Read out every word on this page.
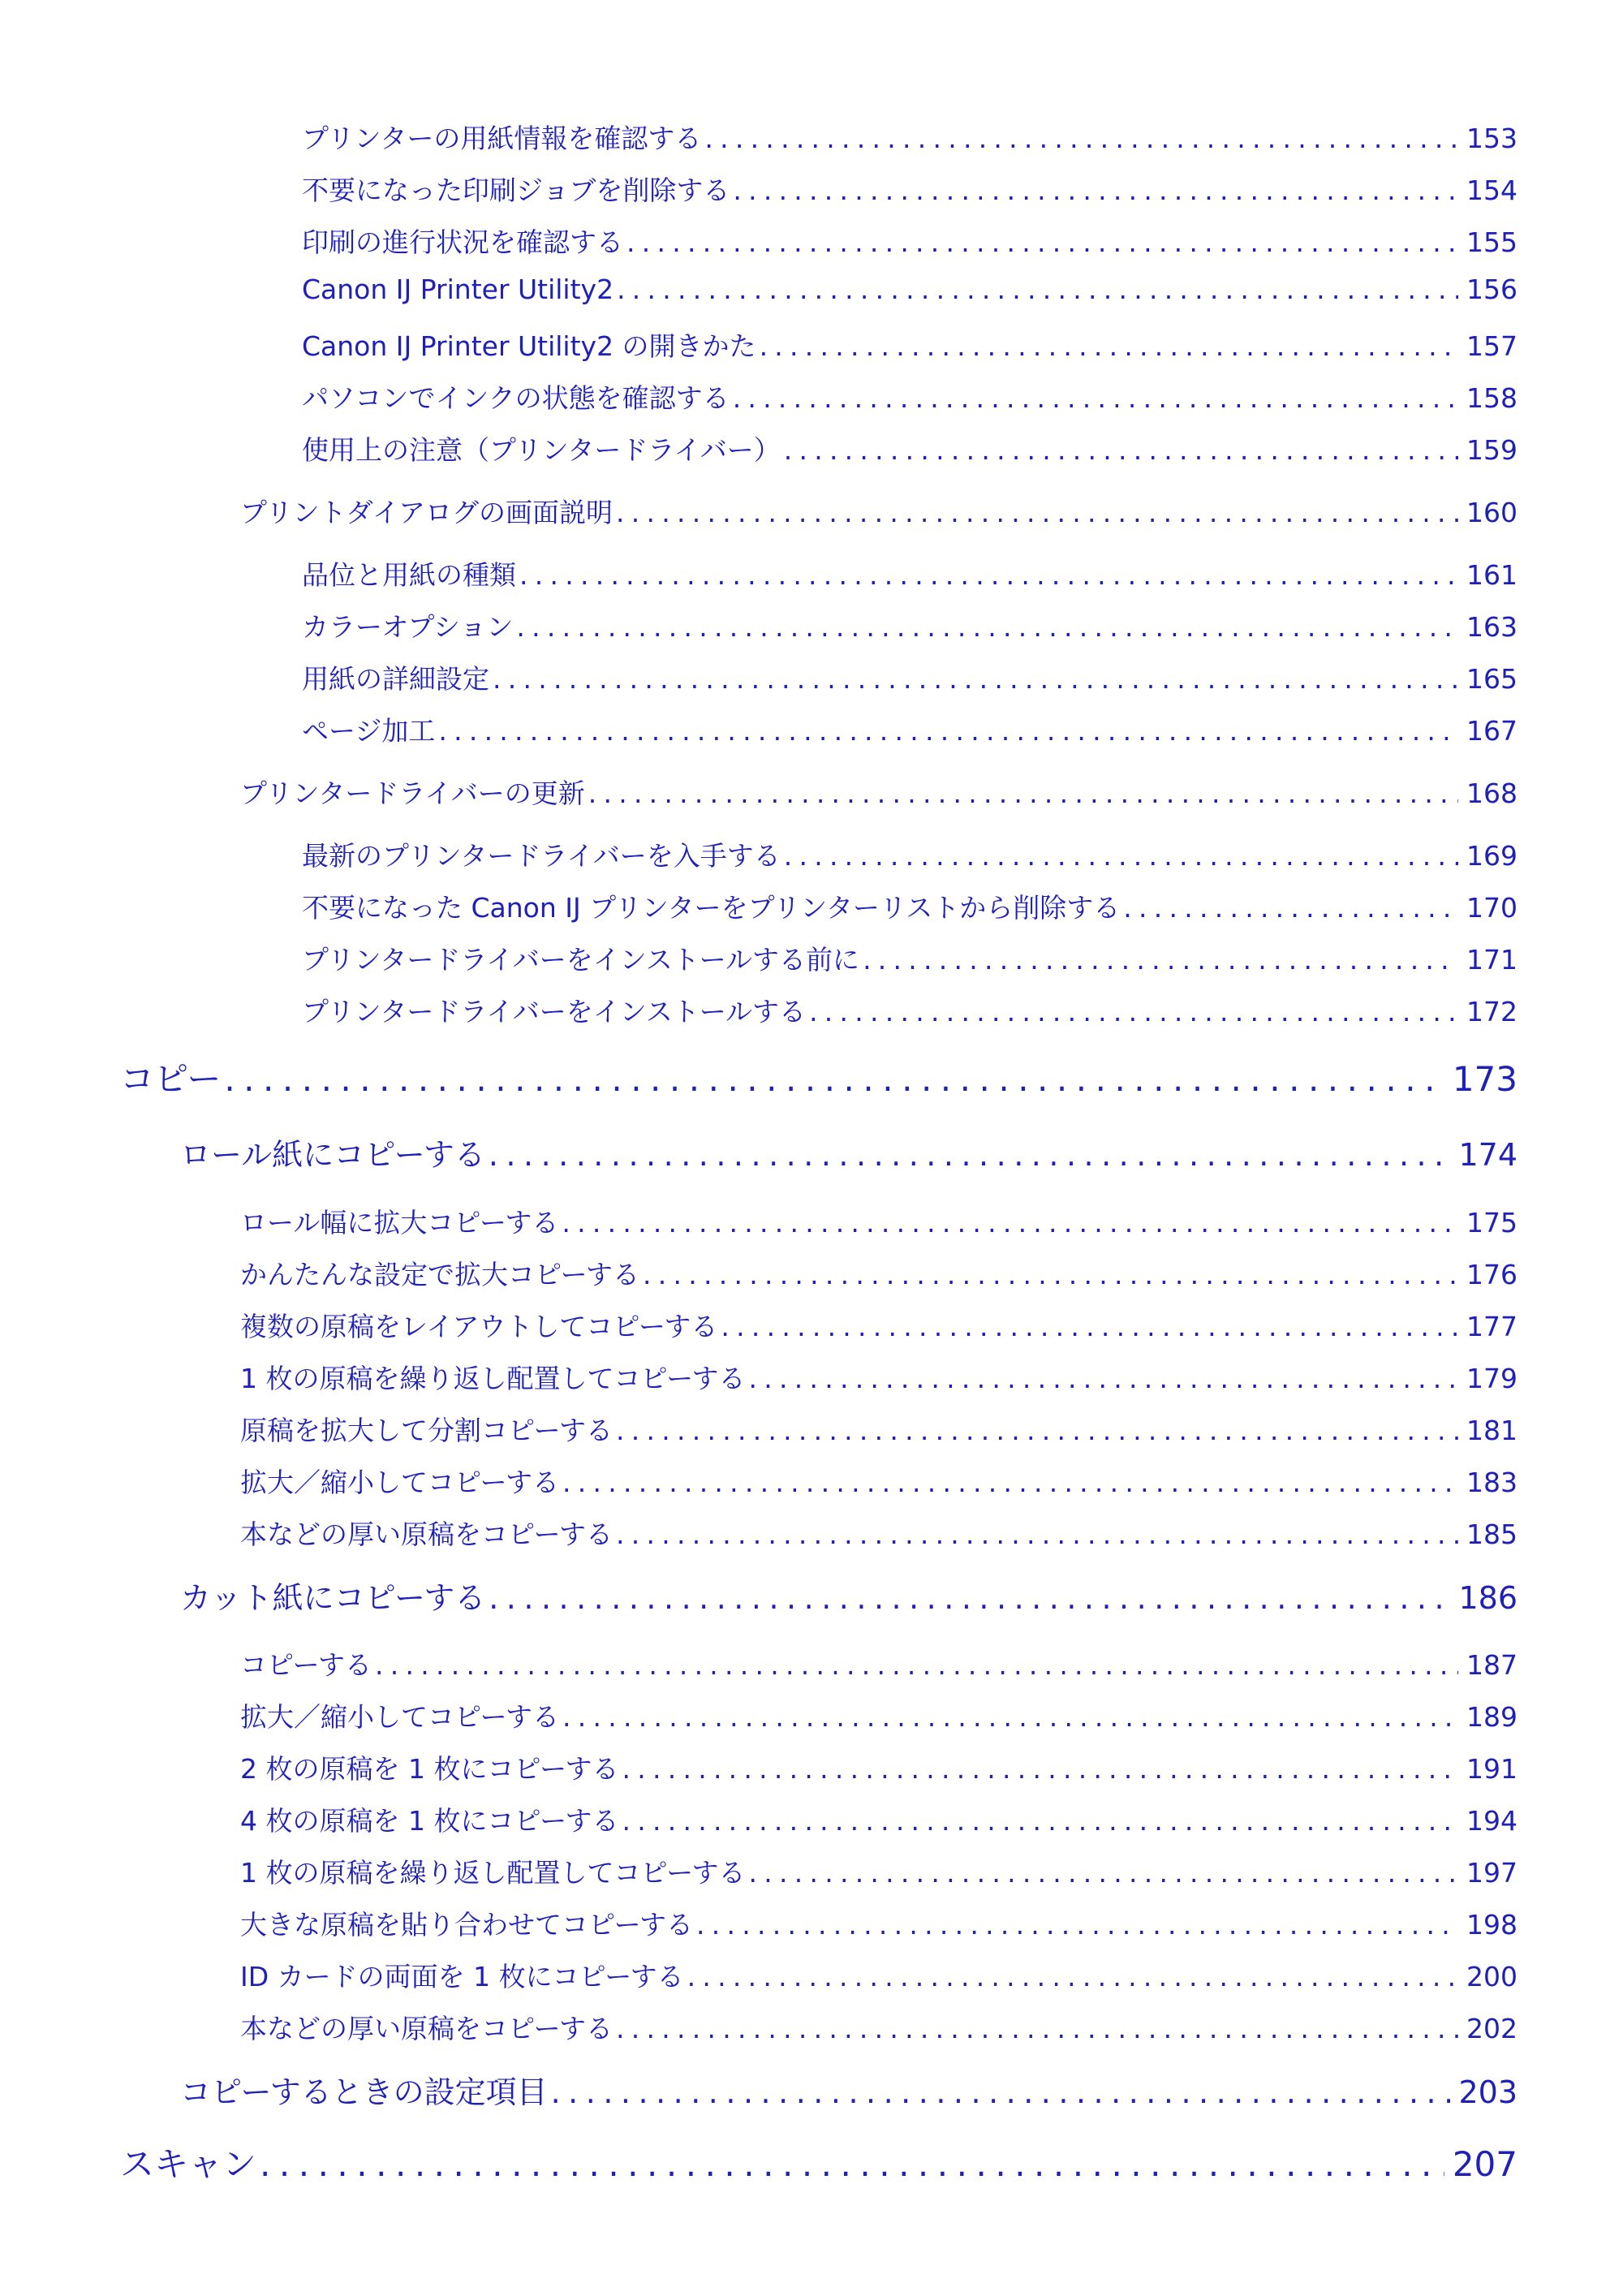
プリンターの用紙情報を確認する .....	153
不要になった印刷ジョブを削除する .....	154
印刷の進行状況を確認する .....	155
Canon IJ Printer Utility2 .....	156
Canon IJ Printer Utility2 の開きかた .....	157
パソコンでインクの状態を確認する .....	158
使用上の注意（プリンタードライバー） .....	159
プリントダイアログの画面説明 .....	160
品位と用紙の種類 .....	161
カラーオプション .....	163
用紙の詳細設定 .....	165
ページ加工 .....	167
プリンタードライバーの更新 .....	168
最新のプリンタードライバーを入手する .....	169
不要になった Canon IJ プリンターをプリンターリストから削除する .....	170
プリンタードライバーをインストールする前に .....	171
プリンタードライバーをインストールする .....	172
コピー .....	173
ロール紙にコピーする .....	174
ロール幅に拡大コピーする .....	175
かんたんな設定で拡大コピーする .....	176
複数の原稿をレイアウトしてコピーする .....	177
1 枚の原稿を繰り返し配置してコピーする .....	179
原稿を拡大して分割コピーする .....	181
拡大／縮小してコピーする .....	183
本などの厚い原稿をコピーする .....	185
カット紙にコピーする .....	186
コピーする .....	187
拡大／縮小してコピーする .....	189
2 枚の原稿を 1 枚にコピーする .....	191
4 枚の原稿を 1 枚にコピーする .....	194
1 枚の原稿を繰り返し配置してコピーする .....	197
大きな原稿を貼り合わせてコピーする .....	198
ID カードの両面を 1 枚にコピーする .....	200
本などの厚い原稿をコピーする .....	202
コピーするときの設定項目 .....	203
スキャン .....	207
